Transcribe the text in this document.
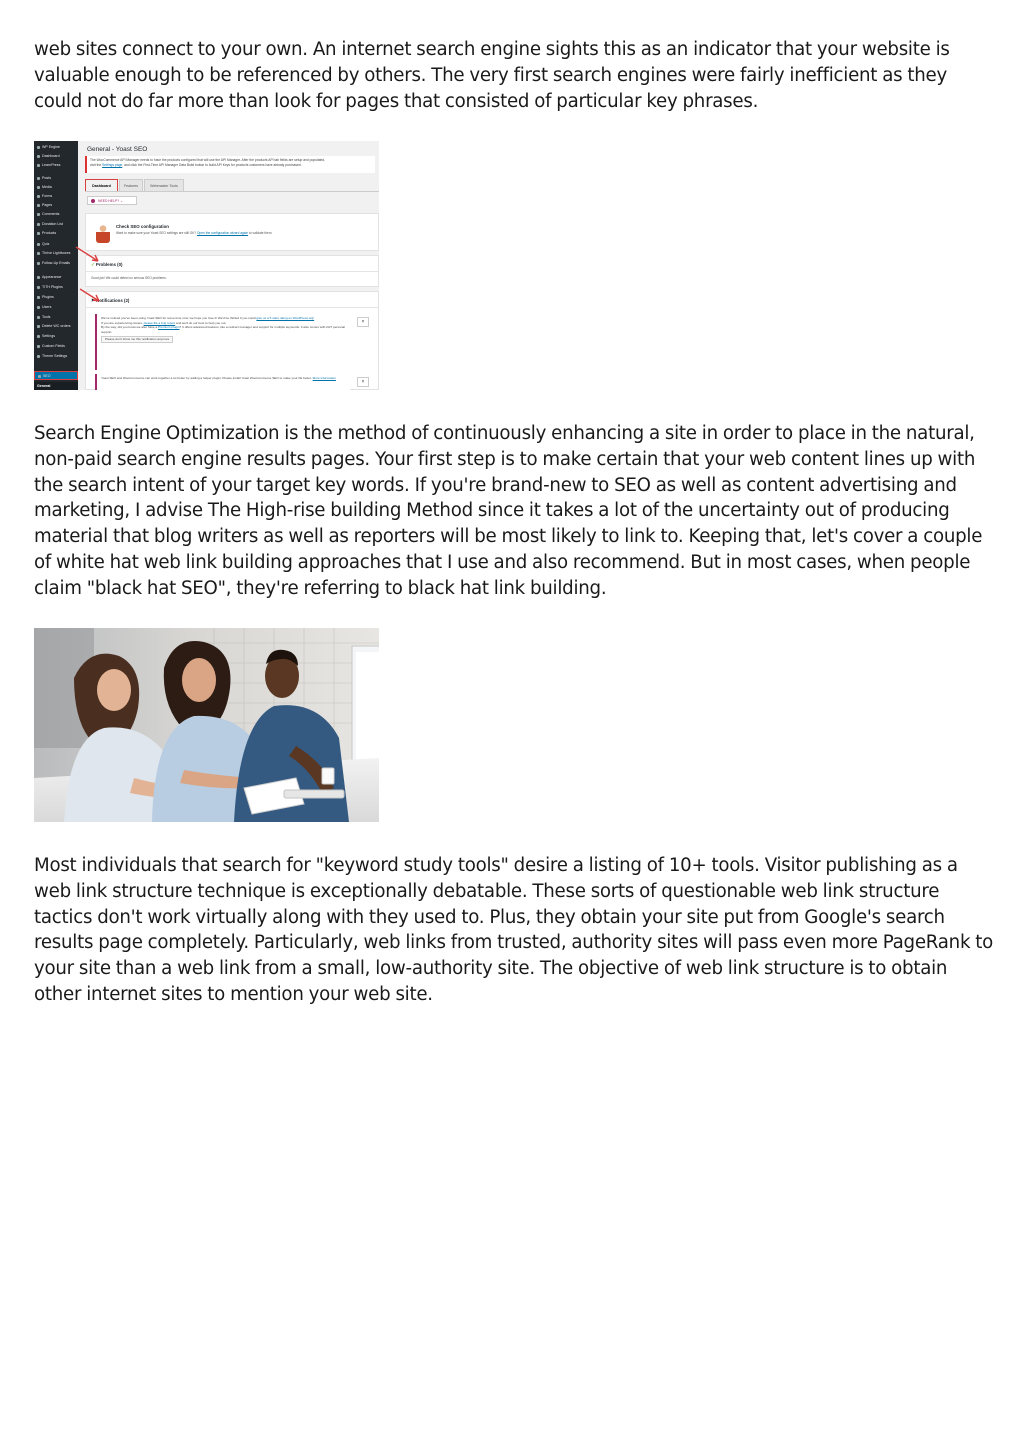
web sites connect to your own. An internet search engine sights this as an indicator that your website is valuable enough to be referenced by others. The very first search engines were fairly inefficient as they could not do far more than look for pages that consisted of particular key phrases.

WP Engine
Dashboard
LearnPress
Posts
Media
Forms
Pages
Comments
Donation List
Products
Quiz
Thrive Lightboxes
Follow-Up Emails
Appearance
TITH Plugins
Plugins
Users
Tools
Delete WC orders
Settings
Custom Fields
Theme Settings
SEO
General
General - Yoast SEO
The WooCommerce API Manager needs to have the products configured that will use the API Manager. After the products API tab fields are setup and populated,
visit the Settings page, and click the First-Time API Manager Data Build button to build API Keys for products customers have already purchased.
Dashboard	Features	Webmaster Tools
NEED HELP? ⌄
Check SEO configuration
Want to make sure your Yoast SEO settings are still OK? Open the configuration wizard again to validate them.
✓ Problems (0)
Good job! We could detect no serious SEO problems.
⚑ Notifications (2)
We've noticed you've been using Yoast SEO for some time now; we hope you love it! We'd be thrilled if you could give us a 5 stars rating on WordPress.org!
If you are experiencing issues, please file a bug report and we'll do our best to help you out.
By the way, did you know we also have a Premium plugin? It offers advanced features, like a redirect manager and support for multiple keywords. It also comes with 24/7 personal support.
Please don't show me this notification anymore
×
Yoast SEO and WooCommerce can work together a lot better by adding a helper plugin. Please install Yoast WooCommerce SEO to make your life better. More information
×

Search Engine Optimization is the method of continuously enhancing a site in order to place in the natural, non-paid search engine results pages. Your first step is to make certain that your web content lines up with the search intent of your target key words. If you're brand-new to SEO as well as content advertising and marketing, I advise The High-rise building Method since it takes a lot of the uncertainty out of producing material that blog writers as well as reporters will be most likely to link to. Keeping that, let's cover a couple of white hat web link building approaches that I use and also recommend. But in most cases, when people claim "black hat SEO", they're referring to black hat link building.

Most individuals that search for "keyword study tools" desire a listing of 10+ tools. Visitor publishing as a web link structure technique is exceptionally debatable. These sorts of questionable web link structure tactics don't work virtually along with they used to. Plus, they obtain your site put from Google's search results page completely. Particularly, web links from trusted, authority sites will pass even more PageRank to your site than a web link from a small, low-authority site. The objective of web link structure is to obtain other internet sites to mention your web site.
